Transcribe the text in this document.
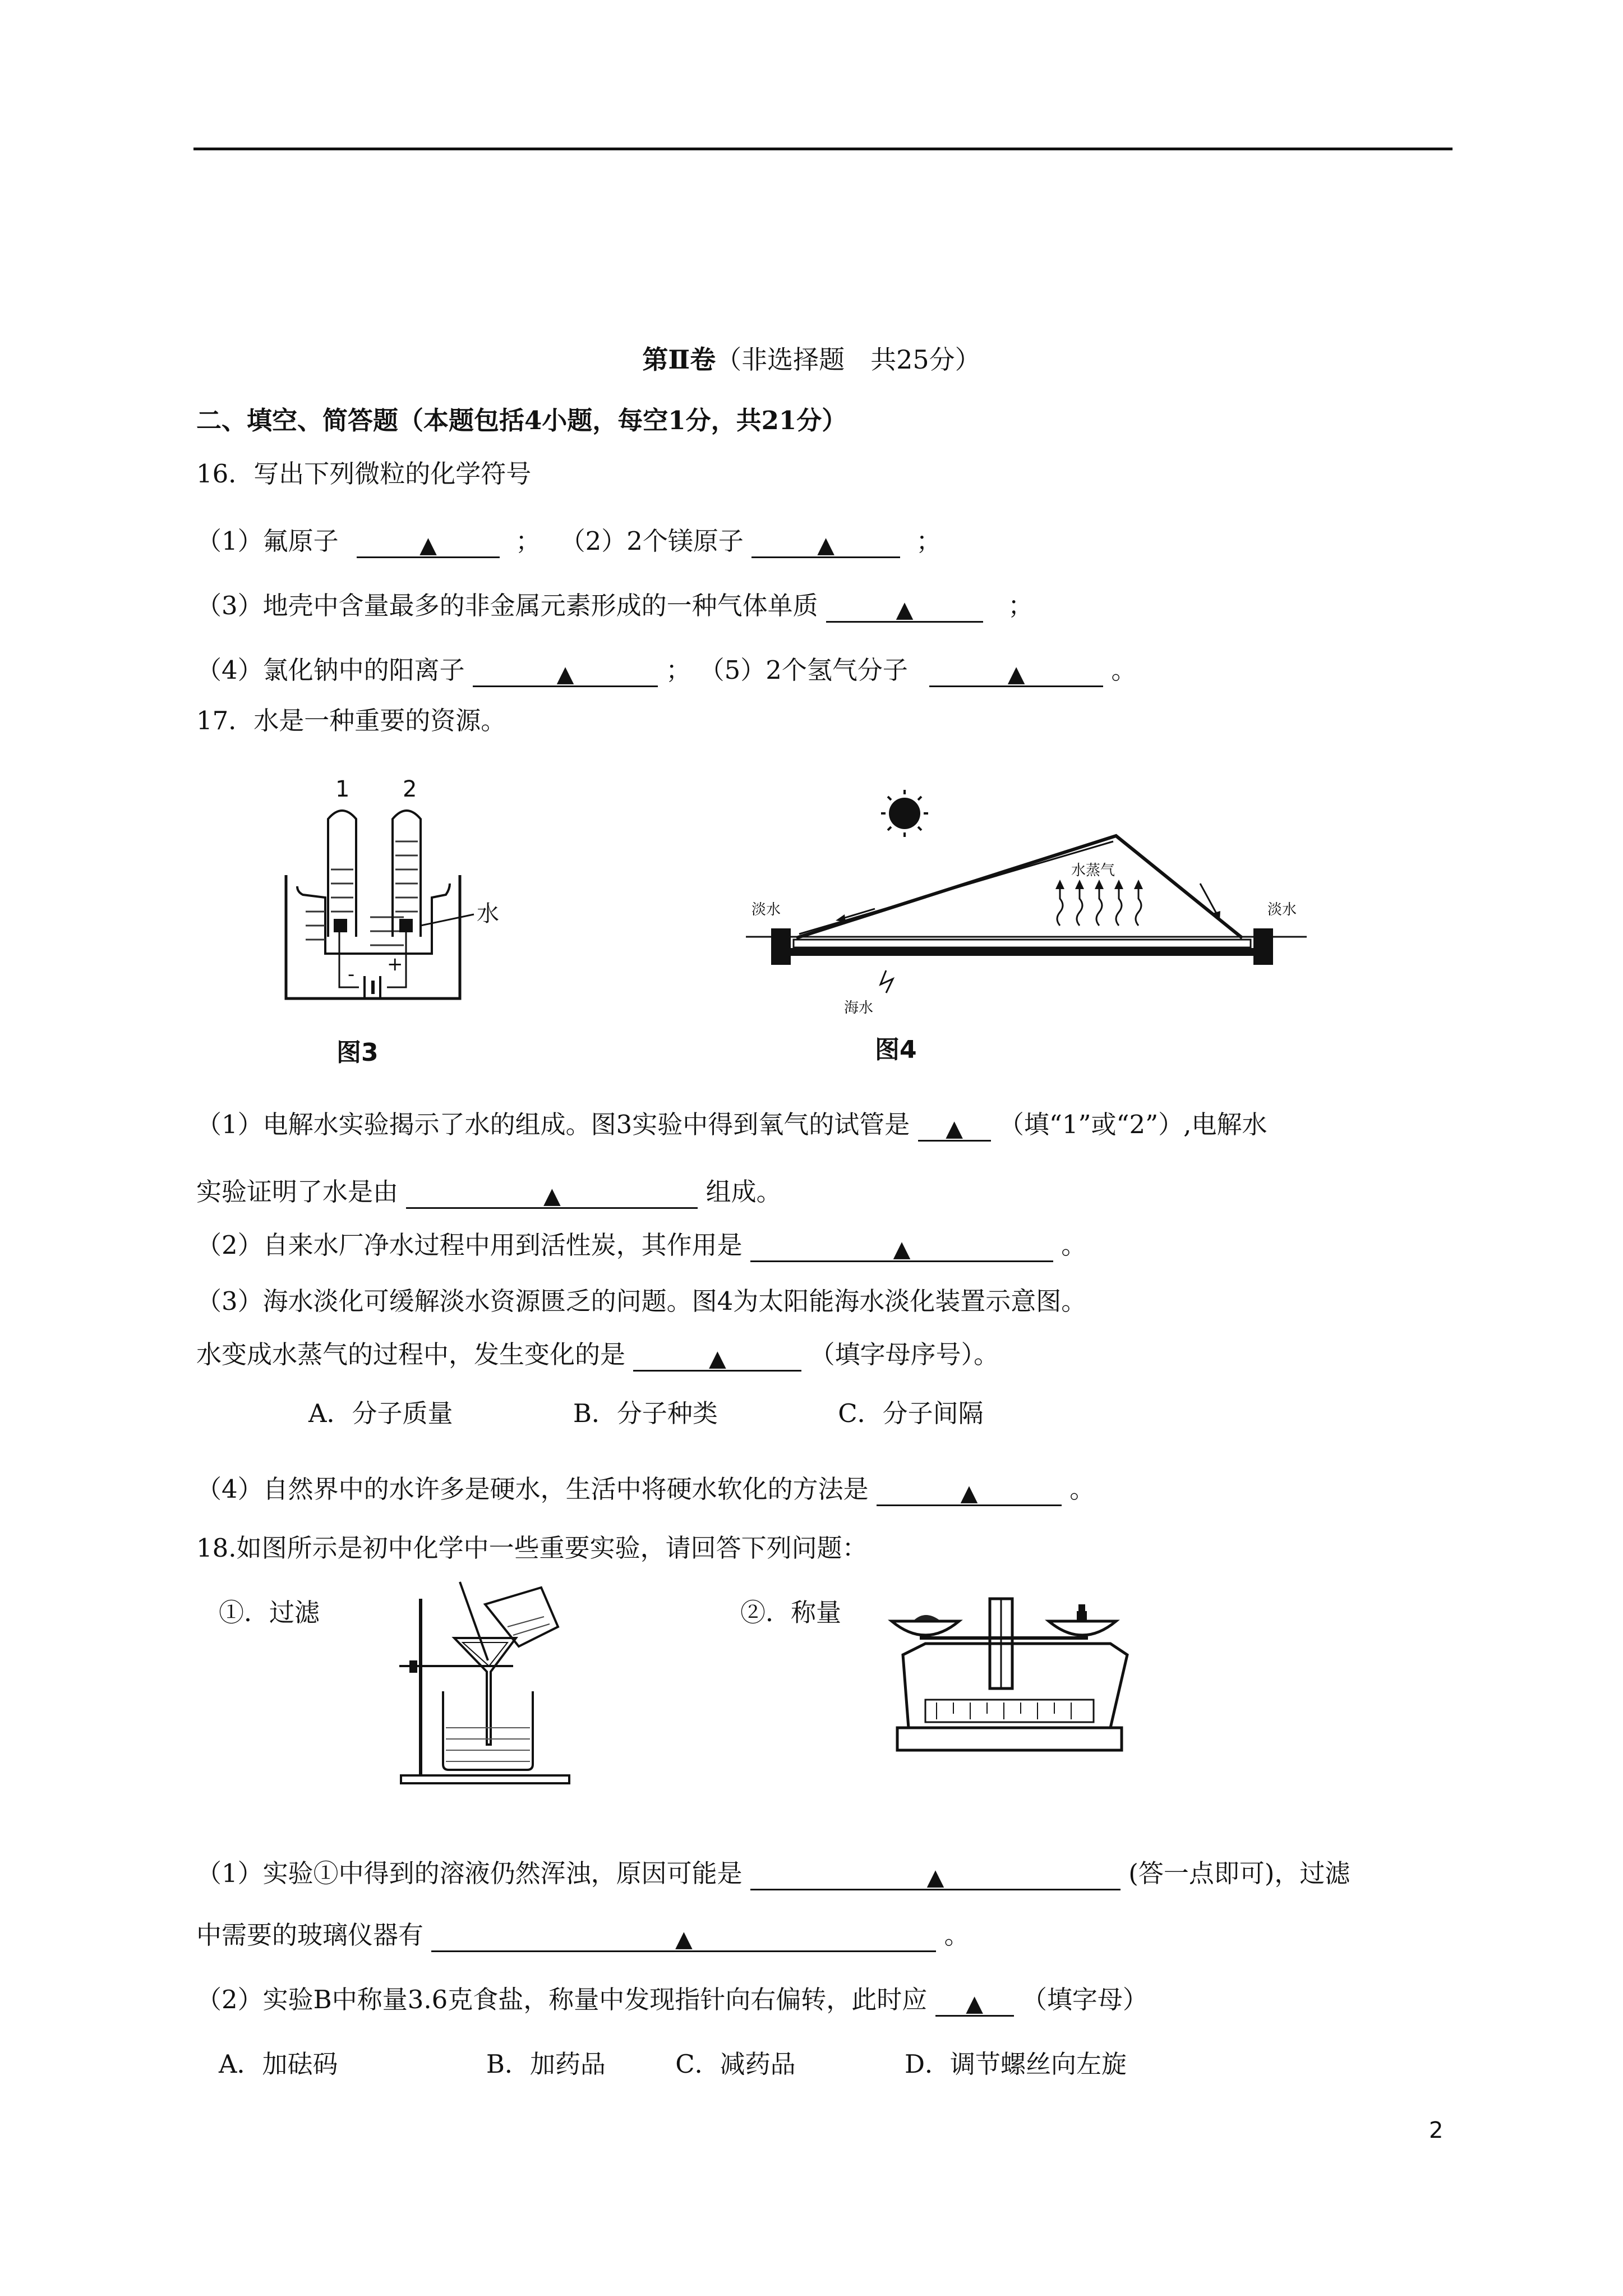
第Ⅱ卷（非选择题　共25分）
二、填空、简答题（本题包括4小题，每空1分，共21分）
16．写出下列微粒的化学符号
（1）氟原子	▲	； （2）2个镁原子	▲	；
（3）地壳中含量最多的非金属元素形成的一种气体单质	▲	；
（4）氯化钠中的阳离子	▲	； （5）2个氢气分子	▲	。
17．水是一种重要的资源。
1 2
水
- +
图3
水蒸气
淡水	淡水
海水
图4
（1）电解水实验揭示了水的组成。图3实验中得到氧气的试管是 ▲ （填“1”或“2”）,电解水
实验证明了水是由	▲	组成。
（2）自来水厂净水过程中用到活性炭，其作用是	▲	。
（3）海水淡化可缓解淡水资源匮乏的问题。图4为太阳能海水淡化装置示意图。
水变成水蒸气的过程中，发生变化的是	▲	（填字母序号）。
A．分子质量	B．分子种类	C．分子间隔
（4）自然界中的水许多是硬水，生活中将硬水软化的方法是	▲	。
18.如图所示是初中化学中一些重要实验，请回答下列问题：
①．过滤	②．称量
（1）实验①中得到的溶液仍然浑浊，原因可能是	▲	(答一点即可)，过滤
中需要的玻璃仪器有	▲	。
（2）实验B中称量3.6克食盐，称量中发现指针向右偏转，此时应 ▲ （填字母）
A．加砝码	B．加药品	C．减药品	D．调节螺丝向左旋
2
